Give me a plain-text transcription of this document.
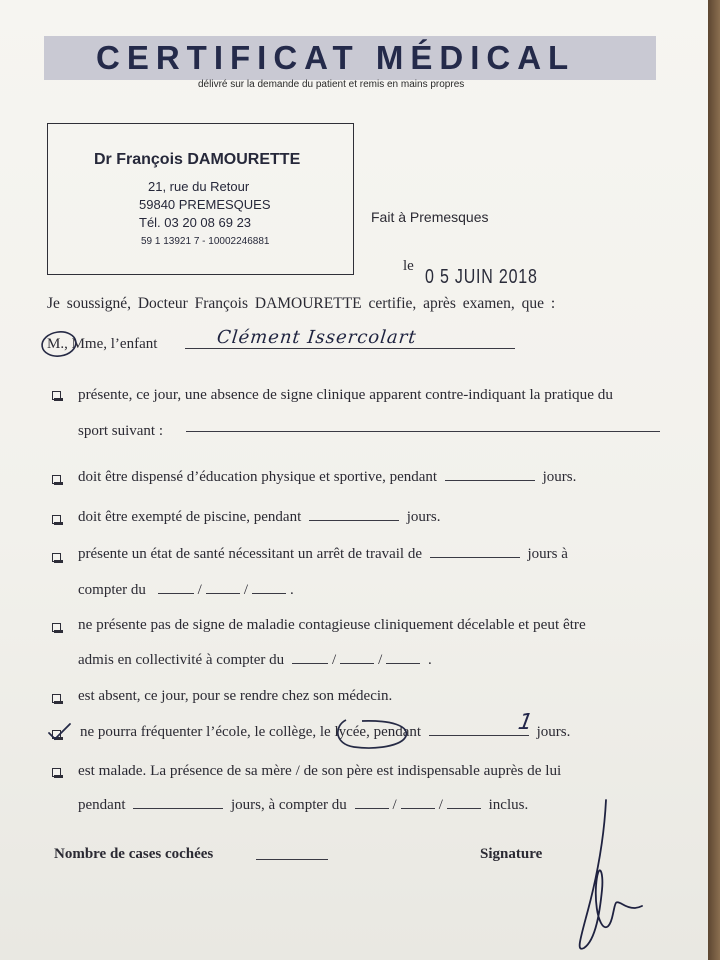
CERTIFICAT MÉDICAL
délivré sur la demande du patient et remis en mains propres
Dr François DAMOURETTE
21, rue du Retour
59840 PREMESQUES
Tél. 03 20 08 69 23
59 1 13921 7 - 10002246881
Fait à Premesques
le 0 5 JUIN 2018
Je soussigné, Docteur François DAMOURETTE certifie, après examen, que :
M., Mme, l’enfant	Clément Issercolart
présente, ce jour, une absence de signe clinique apparent contre-indiquant la pratique du
sport suivant :
doit être dispensé d’éducation physique et sportive, pendant	jours.
doit être exempté de piscine, pendant	jours.
présente un état de santé nécessitant un arrêt de travail de	jours à
compter du	/	/	.
ne présente pas de signe de maladie contagieuse cliniquement décelable et peut être
admis en collectivité à compter du	/	/	.
est absent, ce jour, pour se rendre chez son médecin.
ne pourra fréquenter l’école, le collège, le lycée, pendant	jours.
1
est malade. La présence de sa mère / de son père est indispensable auprès de lui
pendant	jours, à compter du	/	/	inclus.
Nombre de cases cochées	Signature
